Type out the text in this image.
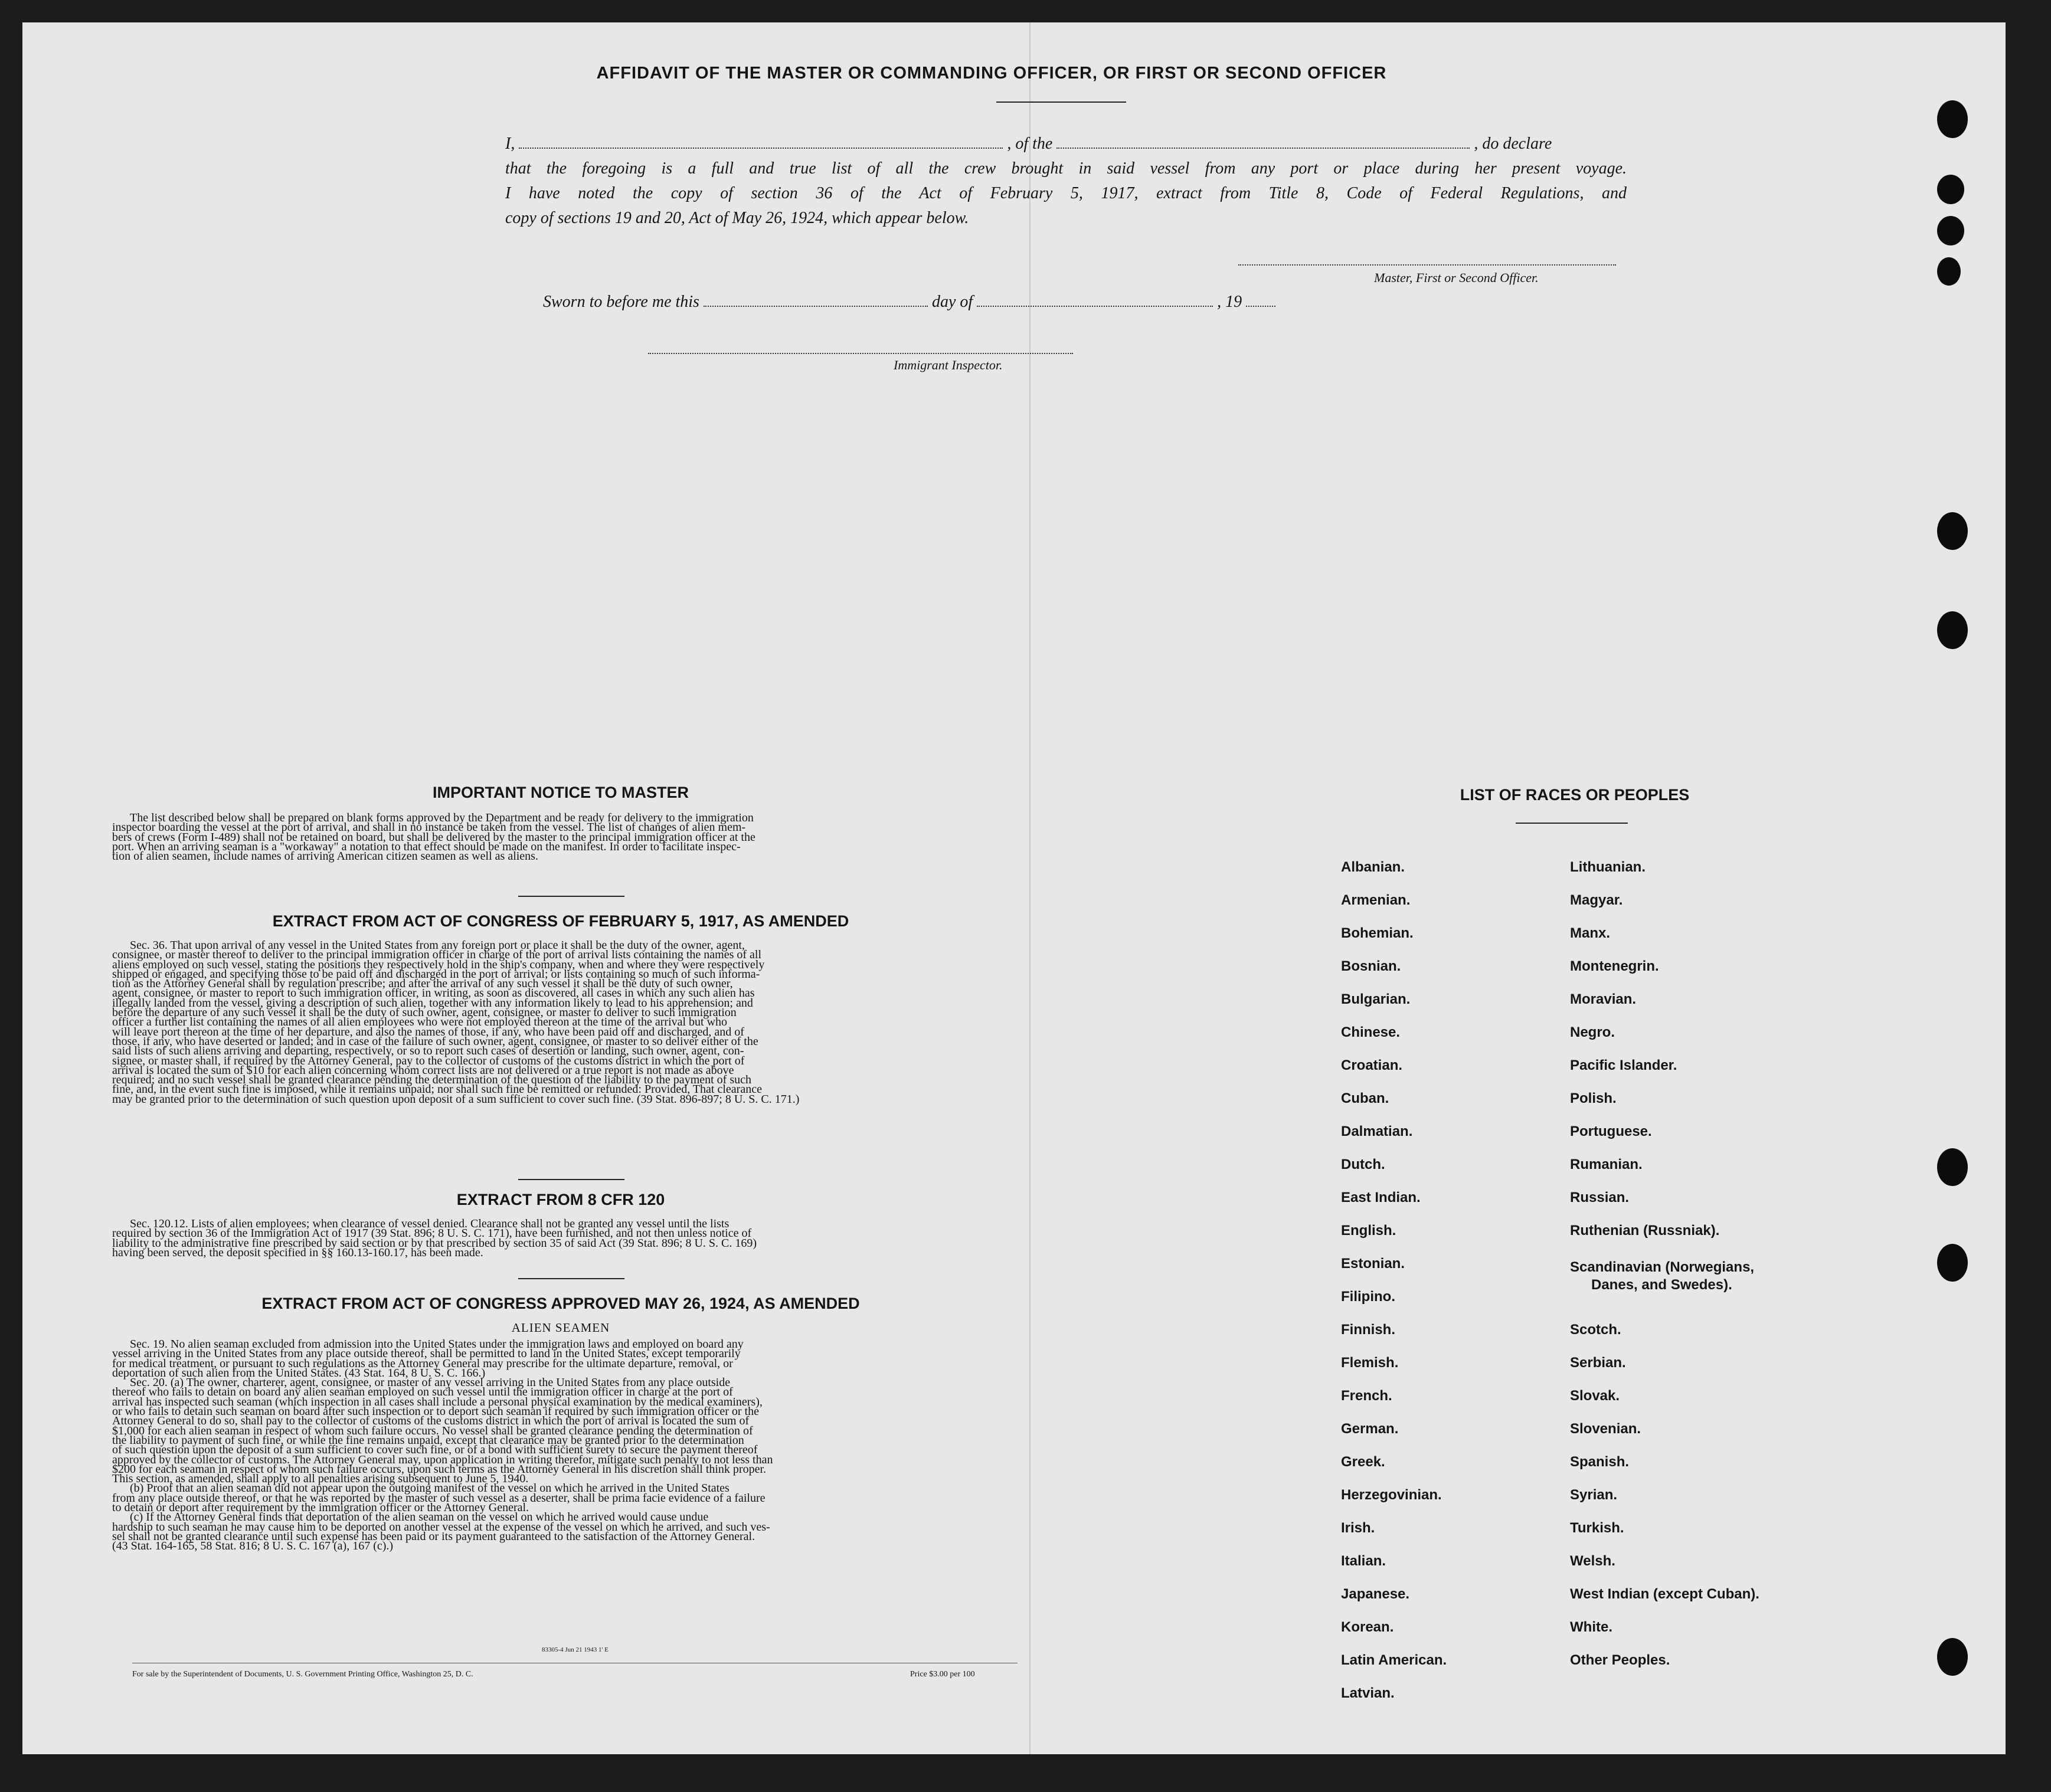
AFFIDAVIT OF THE MASTER OR COMMANDING OFFICER, OR FIRST OR SECOND OFFICER
I,	, of the	, do declare
that the foregoing is a full and true list of all the crew brought in said vessel from any port or place during her present voyage.
I have noted the copy of section 36 of the Act of February 5, 1917, extract from Title 8, Code of Federal Regulations, and
copy of sections 19 and 20, Act of May 26, 1924, which appear below.
Master, First or Second Officer.
Sworn to before me this	day of	, 19
Immigrant Inspector.
IMPORTANT NOTICE TO MASTER
The list described below shall be prepared on blank forms approved by the Department and be ready for delivery to the immigration
inspector boarding the vessel at the port of arrival, and shall in no instance be taken from the vessel. The list of changes of alien mem-
bers of crews (Form I-489) shall not be retained on board, but shall be delivered by the master to the principal immigration officer at the
port. When an arriving seaman is a "workaway" a notation to that effect should be made on the manifest. In order to facilitate inspec-
tion of alien seamen, include names of arriving American citizen seamen as well as aliens.
EXTRACT FROM ACT OF CONGRESS OF FEBRUARY 5, 1917, AS AMENDED
Sec. 36. That upon arrival of any vessel in the United States from any foreign port or place it shall be the duty of the owner, agent,
consignee, or master thereof to deliver to the principal immigration officer in charge of the port of arrival lists containing the names of all
aliens employed on such vessel, stating the positions they respectively hold in the ship's company, when and where they were respectively
shipped or engaged, and specifying those to be paid off and discharged in the port of arrival; or lists containing so much of such informa-
tion as the Attorney General shall by regulation prescribe; and after the arrival of any such vessel it shall be the duty of such owner,
agent, consignee, or master to report to such immigration officer, in writing, as soon as discovered, all cases in which any such alien has
illegally landed from the vessel, giving a description of such alien, together with any information likely to lead to his apprehension; and
before the departure of any such vessel it shall be the duty of such owner, agent, consignee, or master to deliver to such immigration
officer a further list containing the names of all alien employees who were not employed thereon at the time of the arrival but who
will leave port thereon at the time of her departure, and also the names of those, if any, who have been paid off and discharged, and of
those, if any, who have deserted or landed; and in case of the failure of such owner, agent, consignee, or master to so deliver either of the
said lists of such aliens arriving and departing, respectively, or so to report such cases of desertion or landing, such owner, agent, con-
signee, or master shall, if required by the Attorney General, pay to the collector of customs of the customs district in which the port of
arrival is located the sum of $10 for each alien concerning whom correct lists are not delivered or a true report is not made as above
required; and no such vessel shall be granted clearance pending the determination of the question of the liability to the payment of such
fine, and, in the event such fine is imposed, while it remains unpaid; nor shall such fine be remitted or refunded: Provided, That clearance
may be granted prior to the determination of such question upon deposit of a sum sufficient to cover such fine. (39 Stat. 896-897; 8 U. S. C. 171.)
EXTRACT FROM 8 CFR 120
Sec. 120.12. Lists of alien employees; when clearance of vessel denied. Clearance shall not be granted any vessel until the lists
required by section 36 of the Immigration Act of 1917 (39 Stat. 896; 8 U. S. C. 171), have been furnished, and not then unless notice of
liability to the administrative fine prescribed by said section or by that prescribed by section 35 of said Act (39 Stat. 896; 8 U. S. C. 169)
having been served, the deposit specified in §§ 160.13-160.17, has been made.
EXTRACT FROM ACT OF CONGRESS APPROVED MAY 26, 1924, AS AMENDED
ALIEN SEAMEN
Sec. 19. No alien seaman excluded from admission into the United States under the immigration laws and employed on board any
vessel arriving in the United States from any place outside thereof, shall be permitted to land in the United States, except temporarily
for medical treatment, or pursuant to such regulations as the Attorney General may prescribe for the ultimate departure, removal, or
deportation of such alien from the United States. (43 Stat. 164, 8 U. S. C. 166.)
Sec. 20. (a) The owner, charterer, agent, consignee, or master of any vessel arriving in the United States from any place outside
thereof who fails to detain on board any alien seaman employed on such vessel until the immigration officer in charge at the port of
arrival has inspected such seaman (which inspection in all cases shall include a personal physical examination by the medical examiners),
or who fails to detain such seaman on board after such inspection or to deport such seaman if required by such immigration officer or the
Attorney General to do so, shall pay to the collector of customs of the customs district in which the port of arrival is located the sum of
$1,000 for each alien seaman in respect of whom such failure occurs. No vessel shall be granted clearance pending the determination of
the liability to payment of such fine, or while the fine remains unpaid, except that clearance may be granted prior to the determination
of such question upon the deposit of a sum sufficient to cover such fine, or of a bond with sufficient surety to secure the payment thereof
approved by the collector of customs. The Attorney General may, upon application in writing therefor, mitigate such penalty to not less than
$200 for each seaman in respect of whom such failure occurs, upon such terms as the Attorney General in his discretion shall think proper.
This section, as amended, shall apply to all penalties arising subsequent to June 5, 1940.
(b) Proof that an alien seaman did not appear upon the outgoing manifest of the vessel on which he arrived in the United States
from any place outside thereof, or that he was reported by the master of such vessel as a deserter, shall be prima facie evidence of a failure
to detain or deport after requirement by the immigration officer or the Attorney General.
(c) If the Attorney General finds that deportation of the alien seaman on the vessel on which he arrived would cause undue
hardship to such seaman he may cause him to be deported on another vessel at the expense of the vessel on which he arrived, and such ves-
sel shall not be granted clearance until such expense has been paid or its payment guaranteed to the satisfaction of the Attorney General.
(43 Stat. 164-165, 58 Stat. 816; 8 U. S. C. 167 (a), 167 (c).)
83305-4 Jun 21 1943 1' E
For sale by the Superintendent of Documents, U. S. Government Printing Office, Washington 25, D. C.	Price $3.00 per 100
LIST OF RACES OR PEOPLES
Albanian.
Armenian.
Bohemian.
Bosnian.
Bulgarian.
Chinese.
Croatian.
Cuban.
Dalmatian.
Dutch.
East Indian.
English.
Estonian.
Filipino.
Finnish.
Flemish.
French.
German.
Greek.
Herzegovinian.
Irish.
Italian.
Japanese.
Korean.
Latin American.
Latvian.
Lithuanian.
Magyar.
Manx.
Montenegrin.
Moravian.
Negro.
Pacific Islander.
Polish.
Portuguese.
Rumanian.
Russian.
Ruthenian (Russniak).
Scandinavian (Norwegians,
Danes, and Swedes).
Scotch.
Serbian.
Slovak.
Slovenian.
Spanish.
Syrian.
Turkish.
Welsh.
West Indian (except Cuban).
White.
Other Peoples.
